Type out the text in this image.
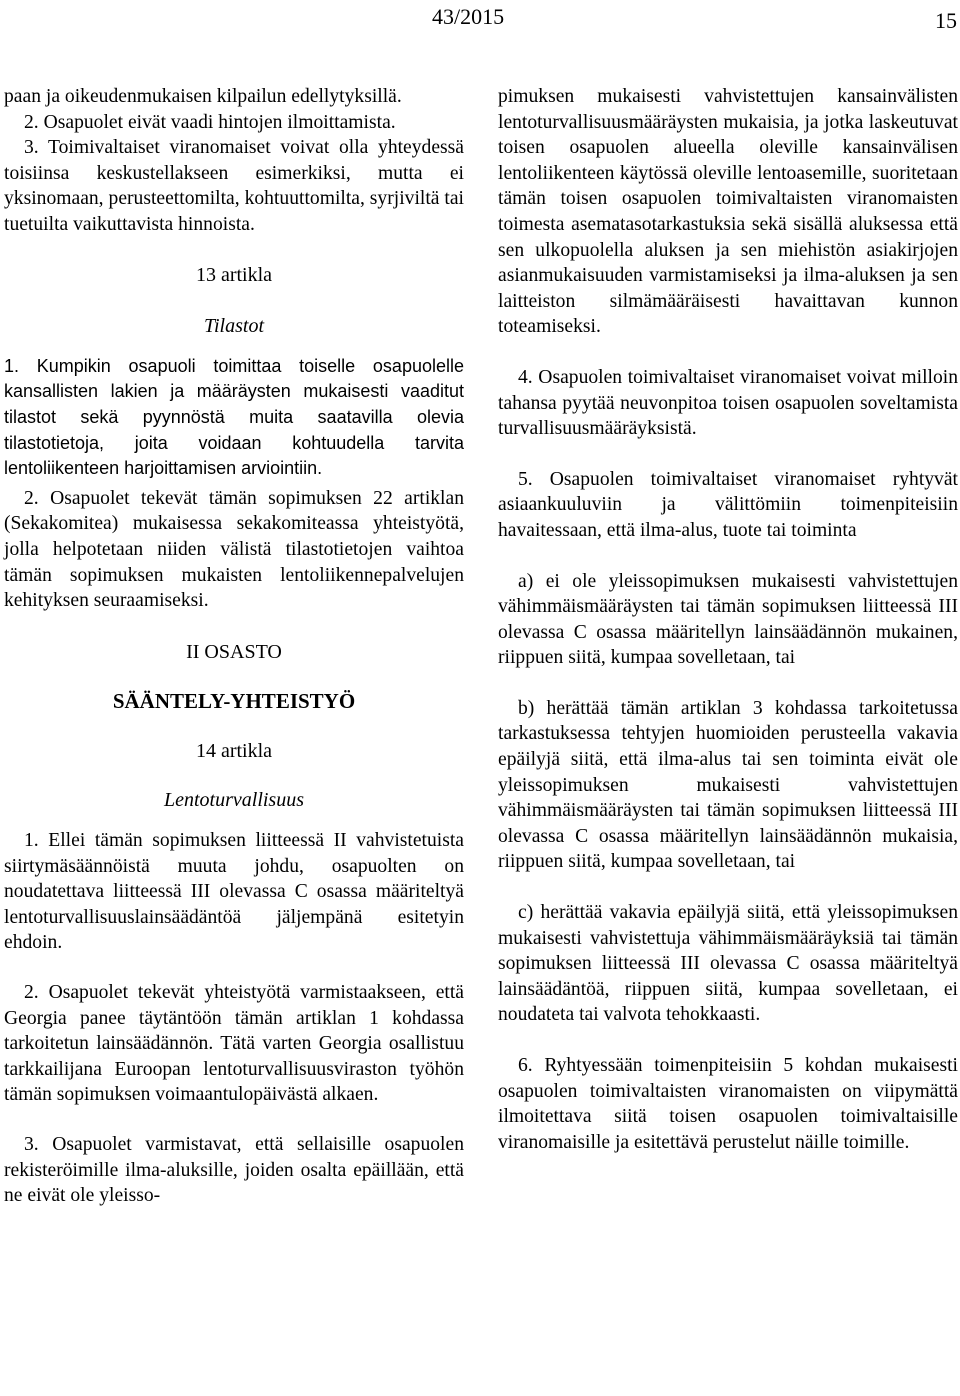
43/2015	15

paan ja oikeudenmukaisen kilpailun edellytyksillä.

2. Osapuolet eivät vaadi hintojen ilmoittamista.

3. Toimivaltaiset viranomaiset voivat olla yhteydessä toisiinsa keskustellakseen esimerkiksi, mutta ei yksinomaan, perusteettomilta, kohtuuttomilta, syrjiviltä tai tuetuilta vaikuttavista hinnoista.

13 artikla

Tilastot

1. Kumpikin osapuoli toimittaa toiselle osapuolelle kansallisten lakien ja määräysten mukaisesti vaaditut tilastot sekä pyynnöstä muita saatavilla olevia tilastotietoja, joita voidaan kohtuudella tarvita lentoliikenteen harjoittamisen arviointiin.

2. Osapuolet tekevät tämän sopimuksen 22 artiklan (Sekakomitea) mukaisessa sekakomiteassa yhteistyötä, jolla helpotetaan niiden välistä tilastotietojen vaihtoa tämän sopimuksen mukaisten lentoliikennepalvelujen kehityksen seuraamiseksi.

II OSASTO

SÄÄNTELY-YHTEISTYÖ

14 artikla

Lentoturvallisuus

1. Ellei tämän sopimuksen liitteessä II vahvistetuista siirtymäsäännöistä muuta johdu, osapuolten on noudatettava liitteessä III olevassa C osassa määriteltyä lentoturvallisuuslainsäädäntöä jäljempänä esitetyin ehdoin.

2. Osapuolet tekevät yhteistyötä varmistaakseen, että Georgia panee täytäntöön tämän artiklan 1 kohdassa tarkoitetun lainsäädännön. Tätä varten Georgia osallistuu tarkkailijana Euroopan lentoturvallisuusviraston työhön tämän sopimuksen voimaantulopäivästä alkaen.

3. Osapuolet varmistavat, että sellaisille osapuolen rekisteröimille ilma-aluksille, joiden osalta epäillään, että ne eivät ole yleisso-

pimuksen mukaisesti vahvistettujen kansainvälisten lentoturvallisuusmääräysten mukaisia, ja jotka laskeutuvat toisen osapuolen alueella oleville kansainvälisen lentoliikenteen käytössä oleville lentoasemille, suoritetaan tämän toisen osapuolen toimivaltaisten viranomaisten toimesta asematasotarkastuksia sekä sisällä aluksessa että sen ulkopuolella aluksen ja sen miehistön asiakirjojen asianmukaisuuden varmistamiseksi ja ilma-aluksen ja sen laitteiston silmämääräisesti havaittavan kunnon toteamiseksi.

4. Osapuolen toimivaltaiset viranomaiset voivat milloin tahansa pyytää neuvonpitoa toisen osapuolen soveltamista turvallisuusmääräyksistä.

5. Osapuolen toimivaltaiset viranomaiset ryhtyvät asiaankuuluviin ja välittömiin toimenpiteisiin havaitessaan, että ilma-alus, tuote tai toiminta

a) ei ole yleissopimuksen mukaisesti vahvistettujen vähimmäismääräysten tai tämän sopimuksen liitteessä III olevassa C osassa määritellyn lainsäädännön mukainen, riippuen siitä, kumpaa sovelletaan, tai

b) herättää tämän artiklan 3 kohdassa tarkoitetussa tarkastuksessa tehtyjen huomioiden perusteella vakavia epäilyjä siitä, että ilma-alus tai sen toiminta eivät ole yleissopimuksen mukaisesti vahvistettujen vähimmäismääräysten tai tämän sopimuksen liitteessä III olevassa C osassa määritellyn lainsäädännön mukaisia, riippuen siitä, kumpaa sovelletaan, tai

c) herättää vakavia epäilyjä siitä, että yleissopimuksen mukaisesti vahvistettuja vähimmäismääräyksiä tai tämän sopimuksen liitteessä III olevassa C osassa määriteltyä lainsäädäntöä, riippuen siitä, kumpaa sovelletaan, ei noudateta tai valvota tehokkaasti.

6. Ryhtyessään toimenpiteisiin 5 kohdan mukaisesti osapuolen toimivaltaisten viranomaisten on viipymättä ilmoitettava siitä toisen osapuolen toimivaltaisille viranomaisille ja esitettävä perustelut näille toimille.
